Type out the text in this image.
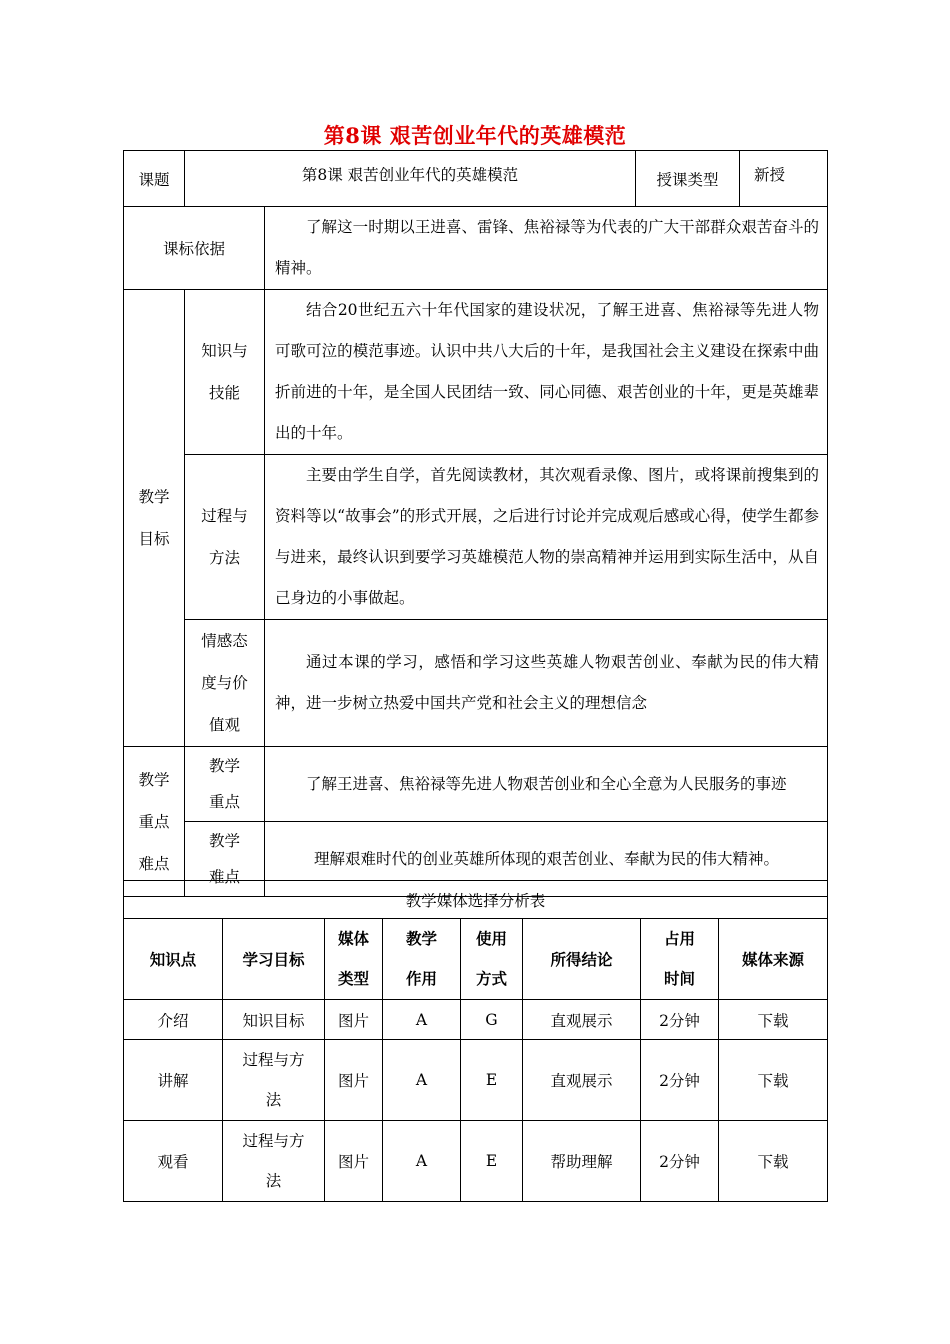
第8课 艰苦创业年代的英雄模范
课题	第8课 艰苦创业年代的英雄模范		授课类型	新授
课标依据		了解这一时期以王进喜、雷锋、焦裕禄等为代表的广大干部群众艰苦奋斗的精神。		

教学目标	知识与技能	结合20世纪五六十年代国家的建设状况，了解王进喜、焦裕禄等先进人物可歌可泣的模范事迹。认识中共八大后的十年，是我国社会主义建设在探索中曲折前进的十年，是全国人民团结一致、同心同德、艰苦创业的十年，更是英雄辈出的十年。		

	过程与方法	主要由学生自学，首先阅读教材，其次观看录像、图片，或将课前搜集到的资料等以“故事会”的形式开展，之后进行讨论并完成观后感或心得，使学生都参与进来，最终认识到要学习英雄模范人物的崇高精神并运用到实际生活中，从自己身边的小事做起。		

	情感态度与价值观	通过本课的学习，感悟和学习这些英雄人物艰苦创业、奉献为民的伟大精神，进一步树立热爱中国共产党和社会主义的理想信念		

教学重点难点	教学重点	了解王进喜、焦裕禄等先进人物艰苦创业和全心全意为人民服务的事迹		

	教学难点	理解艰难时代的创业英雄所体现的艰苦创业、奉献为民的伟大精神。		
教学媒体选择分析表							
知识点	学习目标	媒体类型	教学 作用	使用方式	所得结论	占用 时间	媒体来源
介绍	知识目标	图片	A	G	直观展示	2分钟	下载
讲解	过程与方法	图片	A	E	直观展示	2分钟	下载
观看	过程与方法	图片	A	E	帮助理解	2分钟	下载
